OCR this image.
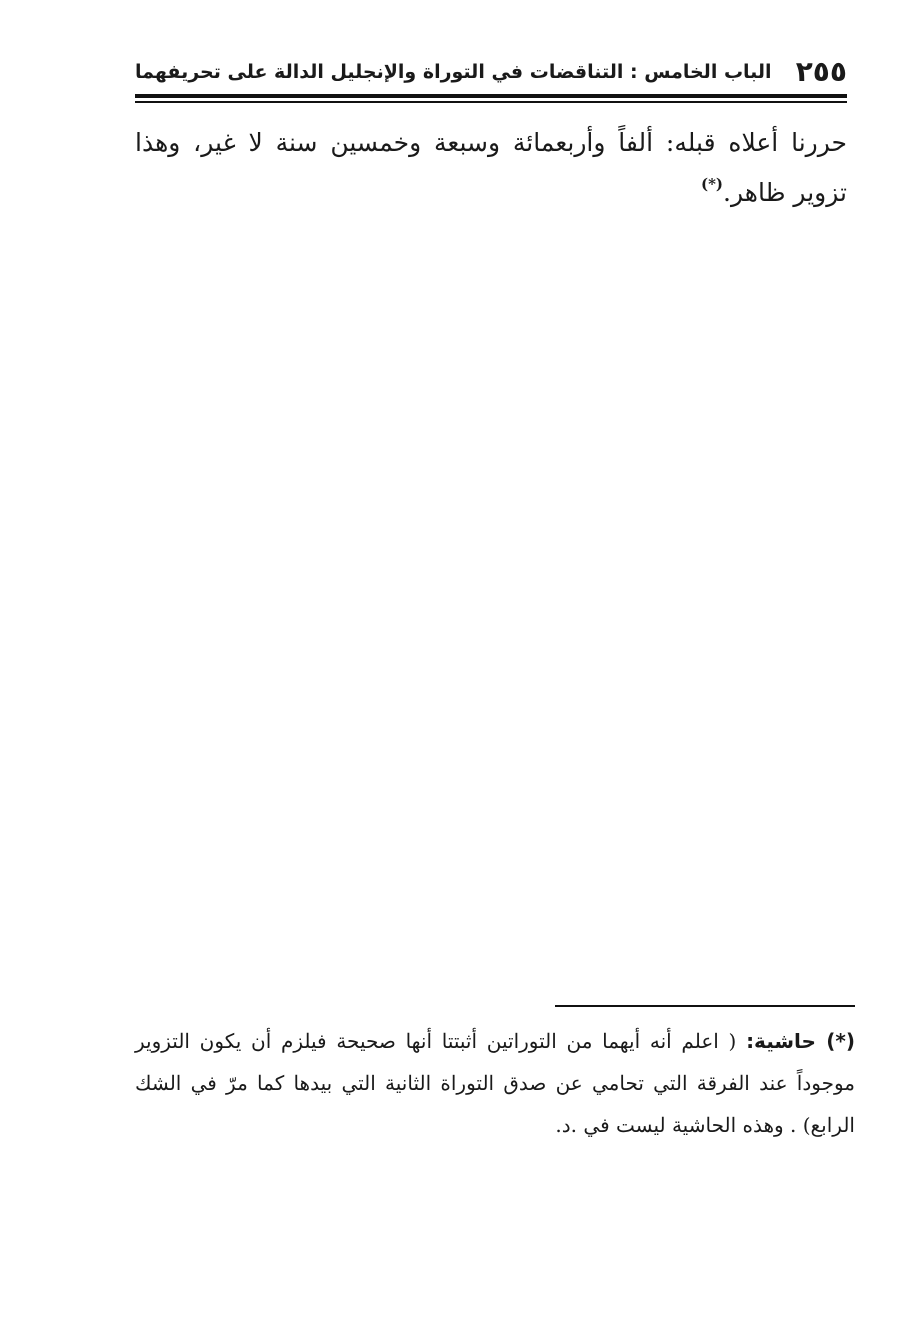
٢٥٥
الباب الخامس : التناقضات في التوراة والإنجليل الدالة على تحريفهما
حررنا أعلاه قبله: ألفاً وأربعمائة وسبعة وخمسين سنة لا غير، وهذا تزوير ظاهر.(*)
(*) حاشية: ( اعلم أنه أيهما من التوراتين أثبتتا أنها صحيحة فيلزم أن يكون التزوير موجوداً عند الفرقة التي تحامي عن صدق التوراة الثانية التي بيدها كما مرّ في الشك الرابع) . وهذه الحاشية ليست في .د.
